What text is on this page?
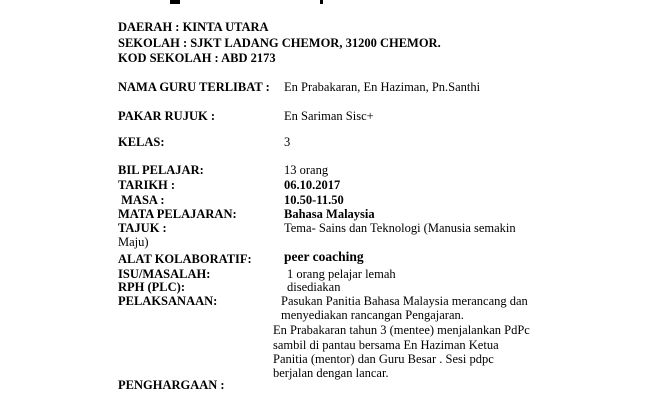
DAERAH : KINTA UTARA
SEKOLAH : SJKT LADANG CHEMOR, 31200 CHEMOR.
KOD SEKOLAH : ABD 2173
NAMA GURU TERLIBAT : En Prabakaran, En Haziman, Pn.Santhi
PAKAR RUJUK :	En Sariman Sisc+
KELAS:	3
BIL PELAJAR:	13 orang
TARIKH :	06.10.2017
MASA :	10.50-11.50
MATA PELAJARAN:	Bahasa Malaysia
TAJUK :	Tema- Sains dan Teknologi (Manusia semakin
Maju)
ALAT KOLABORATIF: peer coaching
ISU/MASALAH:	1 orang pelajar lemah
RPH (PLC):	disediakan
PELAKSANAAN:	Pasukan Panitia Bahasa Malaysia merancang dan
menyediakan rancangan Pengajaran.
En Prabakaran tahun 3 (mentee) menjalankan PdPc
sambil di pantau bersama En Haziman Ketua
Panitia (mentor) dan Guru Besar . Sesi pdpc
berjalan dengan lancar.
PENGHARGAAN :
